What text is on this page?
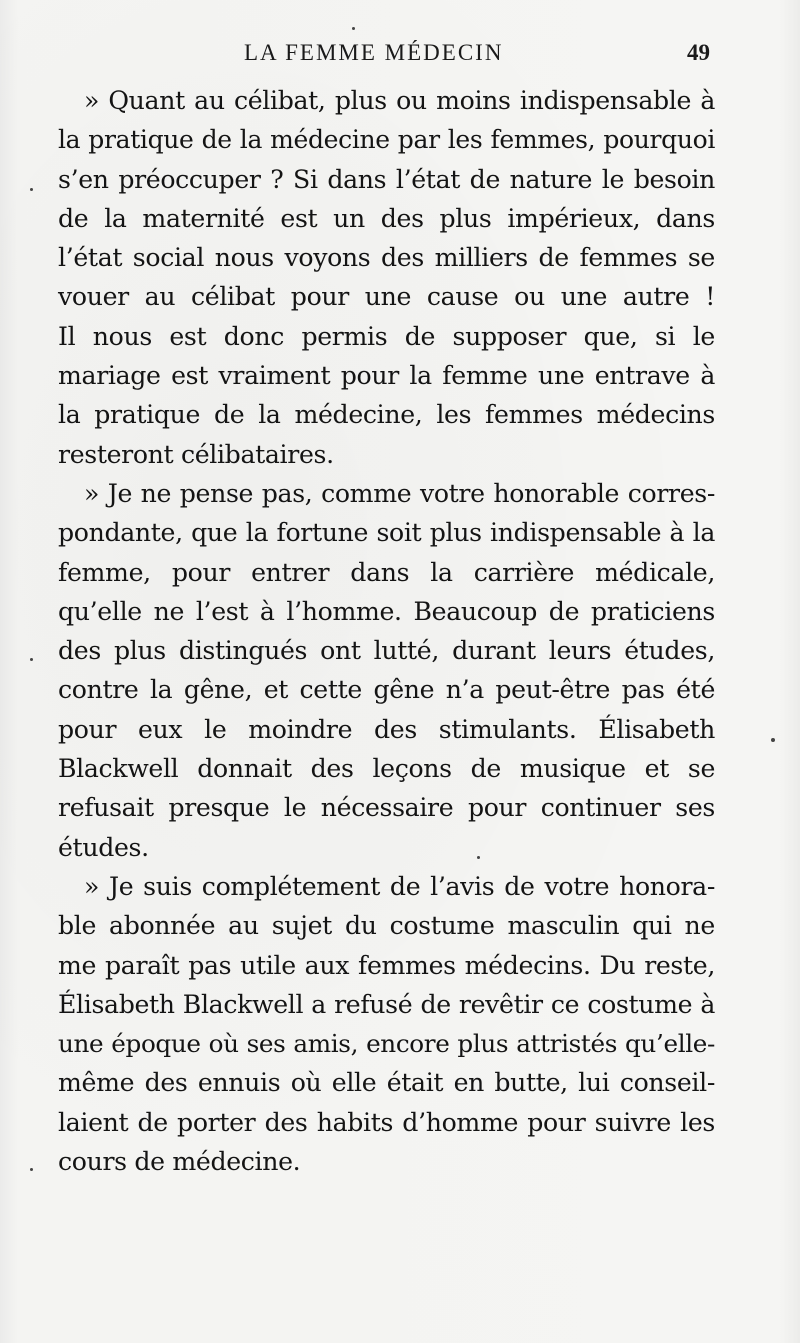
LA FEMME MÉDECIN	49
» Quant au célibat, plus ou moins indispensable à
la pratique de la médecine par les femmes, pourquoi
s’en préoccuper ? Si dans l’état de nature le besoin
de la maternité est un des plus impérieux, dans
l’état social nous voyons des milliers de femmes se
vouer au célibat pour une cause ou une autre !
Il nous est donc permis de supposer que, si le
mariage est vraiment pour la femme une entrave à
la pratique de la médecine, les femmes médecins
resteront célibataires.
» Je ne pense pas, comme votre honorable corres-
pondante, que la fortune soit plus indispensable à la
femme, pour entrer dans la carrière médicale,
qu’elle ne l’est à l’homme. Beaucoup de praticiens
des plus distingués ont lutté, durant leurs études,
contre la gêne, et cette gêne n’a peut-être pas été
pour eux le moindre des stimulants. Élisabeth
Blackwell donnait des leçons de musique et se
refusait presque le nécessaire pour continuer ses
études.
» Je suis complétement de l’avis de votre honora-
ble abonnée au sujet du costume masculin qui ne
me paraît pas utile aux femmes médecins. Du reste,
Élisabeth Blackwell a refusé de revêtir ce costume à
une époque où ses amis, encore plus attristés qu’elle-
même des ennuis où elle était en butte, lui conseil-
laient de porter des habits d’homme pour suivre les
cours de médecine.
